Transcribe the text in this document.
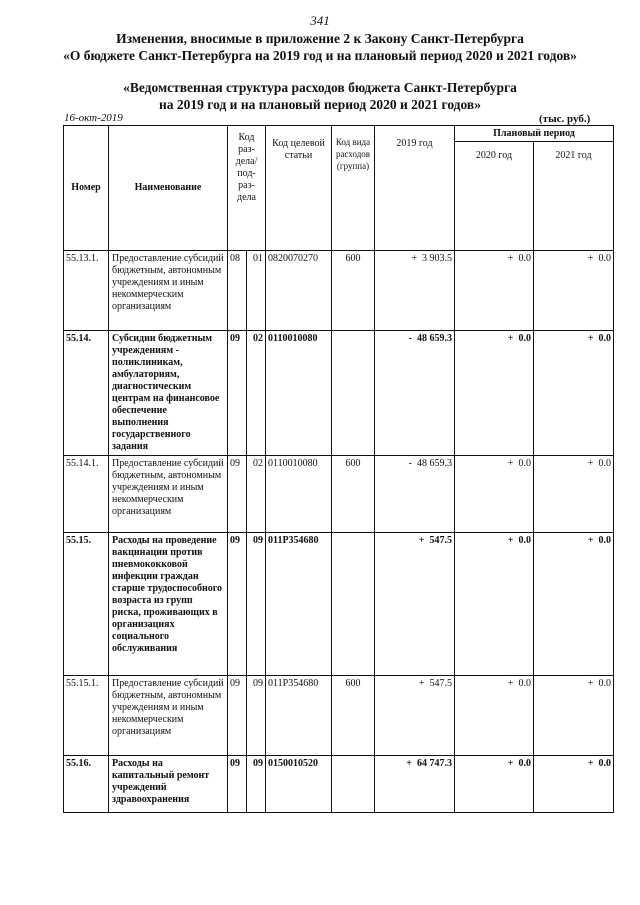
341
Изменения, вносимые в приложение 2 к Закону Санкт-Петербурга
«О бюджете Санкт-Петербурга на 2019 год и на плановый период 2020 и 2021 годов»
«Ведомственная структура расходов бюджета Санкт-Петербурга
на 2019 год и на плановый период 2020 и 2021 годов»
16-окт-2019	(тыс. руб.)
Номер	Наименование	Код раз-дела/ под-раз-дела		Код целевой статьи	Код вида расходов (группа)	2019 год	Плановый период	
							2020 год	2021 год
55.13.1.	Предоставление субсидий бюджетным, автономным учреждениям и иным некоммерческим организациям	08	01	0820070270	600	+ 3 903.5	+ 0.0	+ 0.0

55.14.	Субсидии бюджетным учреждениям - поликлиникам, амбулаториям, диагностическим центрам на финансовое обеспечение выполнения государственного задания	09	02	0110010080		- 48 659.3	+ 0.0	+ 0.0

55.14.1.	Предоставление субсидий бюджетным, автономным учреждениям и иным некоммерческим организациям	09	02	0110010080	600	- 48 659.3	+ 0.0	+ 0.0

55.15.	Расходы на проведение вакцинации против пневмококковой инфекции граждан старше трудоспособного возраста из групп риска, проживающих в организациях социального обслуживания	09	09	011P354680		+ 547.5	+ 0.0	+ 0.0

55.15.1.	Предоставление субсидий бюджетным, автономным учреждениям и иным некоммерческим организациям	09	09	011P354680	600	+ 547.5	+ 0.0	+ 0.0

55.16.	Расходы на капитальный ремонт учреждений здравоохранения	09	09	0150010520		+ 64 747.3	+ 0.0	+ 0.0
